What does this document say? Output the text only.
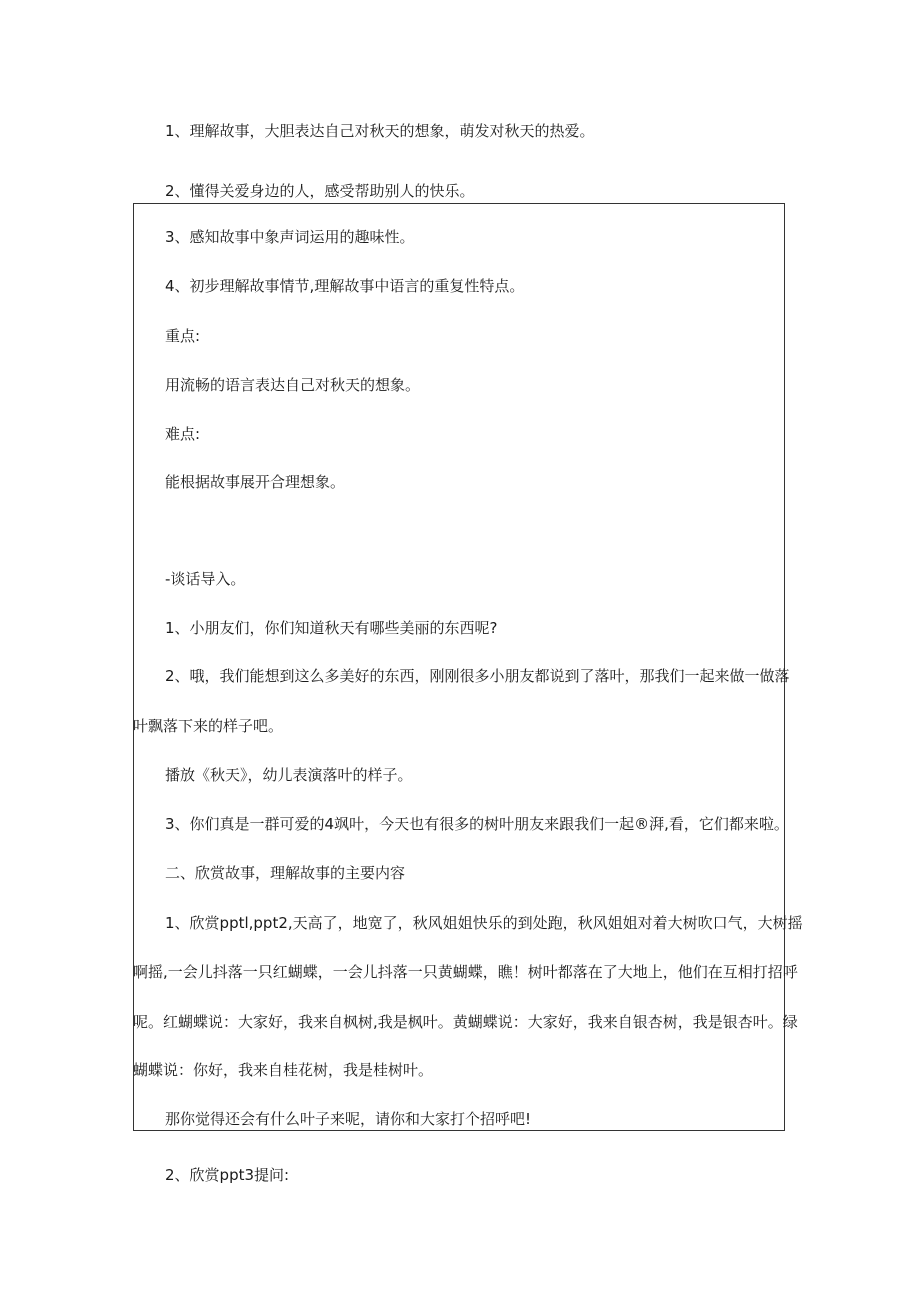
1、理解故事，大胆表达自己对秋天的想象，萌发对秋天的热爱。

2、懂得关爱身边的人，感受帮助别人的快乐。

3、感知故事中象声词运用的趣味性。

4、初步理解故事情节,理解故事中语言的重复性特点。

重点:

用流畅的语言表达自己对秋天的想象。

难点:

能根据故事展开合理想象。

-谈话导入。

1、小朋友们，你们知道秋天有哪些美丽的东西呢?

2、哦，我们能想到这么多美好的东西，刚刚很多小朋友都说到了落叶，那我们一起来做一做落

叶飘落下来的样子吧。

播放《秋天》，幼儿表演落叶的样子。

3、你们真是一群可爱的4飒叶，今天也有很多的树叶朋友来跟我们一起®湃,看，它们都来啦。

二、欣赏故事，理解故事的主要内容

1、欣赏pptl,ppt2,天高了，地宽了，秋风姐姐快乐的到处跑，秋风姐姐对着大树吹口气，大树摇

啊摇,一会儿抖落一只红蝴蝶，一会儿抖落一只黄蝴蝶，瞧！树叶都落在了大地上，他们在互相打招呼

呢。红蝴蝶说：大家好，我来自枫树,我是枫叶。黄蝴蝶说：大家好，我来自银杏树，我是银杏叶。绿

蝴蝶说：你好，我来自桂花树，我是桂树叶。

那你觉得还会有什么叶子来呢，请你和大家打个招呼吧!

2、欣赏ppt3提问:
